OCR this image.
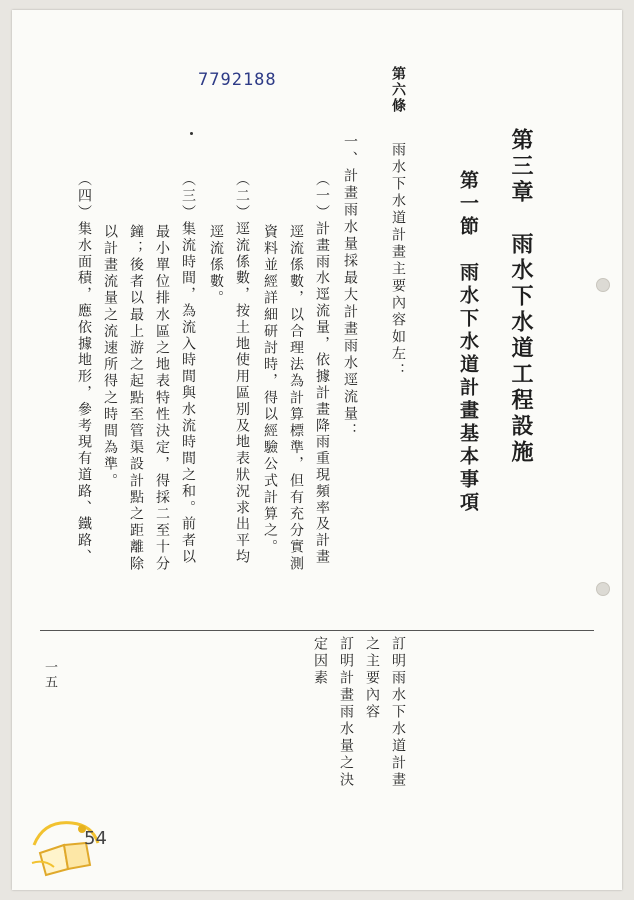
7792188
第三章　雨水下水道工程設施
第一節　雨水下水道計畫基本事項
第六條
雨水下水道計畫主要內容如左：
一、計畫雨水量採最大計畫雨水逕流量：
（一）計畫雨水逕流量，依據計畫降雨重現頻率及計畫
逕流係數，以合理法為計算標準，但有充分實測
資料並經詳細研討時，得以經驗公式計算之。
（二）逕流係數，按土地使用區別及地表狀況求出平均
逕流係數。
（三）集流時間，為流入時間與水流時間之和。前者以
最小單位排水區之地表特性決定，得採二至十分
鐘；後者以最上游之起點至管渠設計點之距離除
以計畫流量之流速所得之時間為準。
（四）集水面積，應依據地形，參考現有道路、鐵路、
訂明雨水下水道計畫
之主要內容
訂明計畫雨水量之決
定因素
一五
54
